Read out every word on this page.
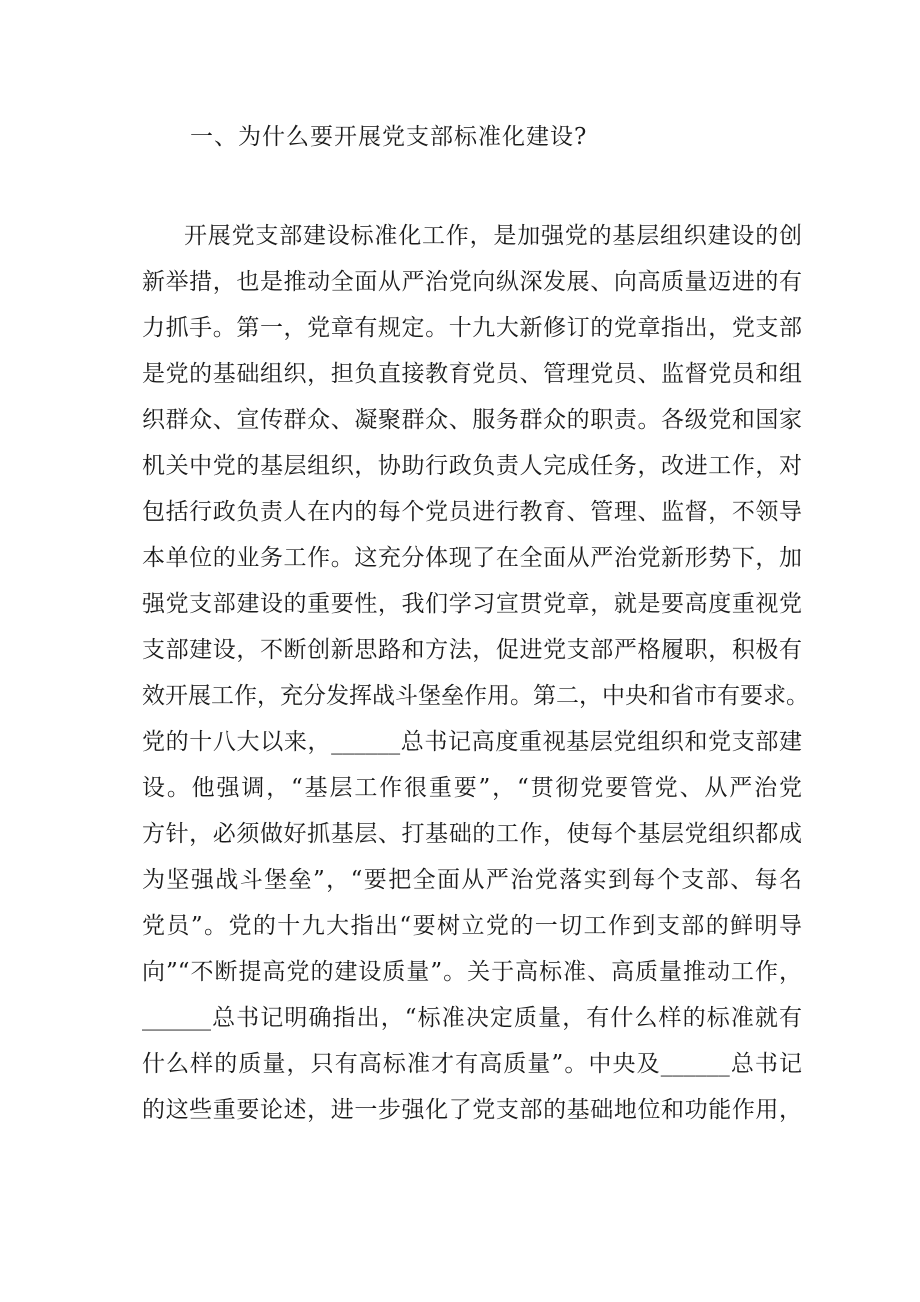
一、为什么要开展党支部标准化建设?
开展党支部建设标准化工作，是加强党的基层组织建设的创
新举措，也是推动全面从严治党向纵深发展、向高质量迈进的有
力抓手。第一，党章有规定。十九大新修订的党章指出，党支部
是党的基础组织，担负直接教育党员、管理党员、监督党员和组
织群众、宣传群众、凝聚群众、服务群众的职责。各级党和国家
机关中党的基层组织，协助行政负责人完成任务，改进工作，对
包括行政负责人在内的每个党员进行教育、管理、监督，不领导
本单位的业务工作。这充分体现了在全面从严治党新形势下，加
强党支部建设的重要性，我们学习宣贯党章，就是要高度重视党
支部建设，不断创新思路和方法，促进党支部严格履职，积极有
效开展工作，充分发挥战斗堡垒作用。第二，中央和省市有要求。
党的十八大以来，______总书记高度重视基层党组织和党支部建
设。他强调，“基层工作很重要”，“贯彻党要管党、从严治党
方针，必须做好抓基层、打基础的工作，使每个基层党组织都成
为坚强战斗堡垒”，“要把全面从严治党落实到每个支部、每名
党员”。党的十九大指出“要树立党的一切工作到支部的鲜明导
向”“不断提高党的建设质量”。关于高标准、高质量推动工作，
______总书记明确指出，“标准决定质量，有什么样的标准就有
什么样的质量，只有高标准才有高质量”。中央及______总书记
的这些重要论述，进一步强化了党支部的基础地位和功能作用，
